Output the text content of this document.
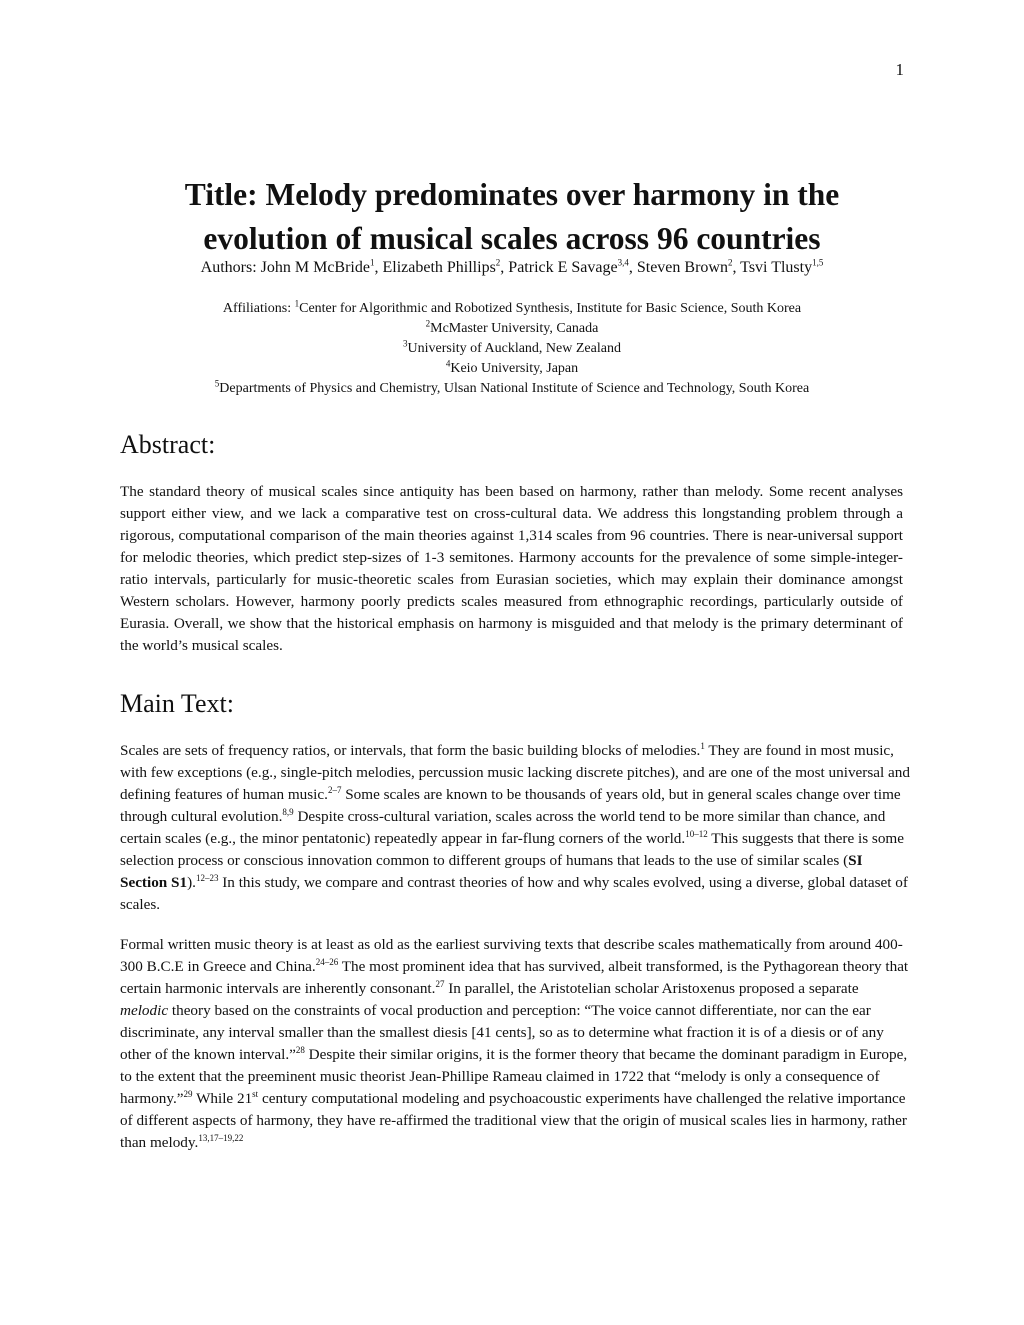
1
Title: Melody predominates over harmony in the
evolution of musical scales across 96 countries
Authors: John M McBride$^1$, Elizabeth Phillips$^2$, Patrick E Savage$^{3,4}$, Steven Brown$^2$, Tsvi Tlusty$^{1,5}$
Affiliations: $^1$Center for Algorithmic and Robotized Synthesis, Institute for Basic Science, South Korea
$^2$McMaster University, Canada
$^3$University of Auckland, New Zealand
$^4$Keio University, Japan
$^5$Departments of Physics and Chemistry, Ulsan National Institute of Science and Technology, South Korea
Abstract:

The standard theory of musical scales since antiquity has been based on harmony, rather than melody. Some recent analyses support either view, and we lack a comparative test on cross-cultural data. We address this longstanding problem through a rigorous, computational comparison of the main theories against 1,314 scales from 96 countries. There is near-universal support for melodic theories, which predict step-sizes of 1-3 semitones. Harmony accounts for the prevalence of some simple-integer-ratio intervals, particularly for music-theoretic scales from Eurasian societies, which may explain their dominance amongst Western scholars. However, harmony poorly predicts scales measured from ethnographic recordings, particularly outside of Eurasia. Overall, we show that the historical emphasis on harmony is misguided and that melody is the primary determinant of the world’s musical scales.

Main Text:

Scales are sets of frequency ratios, or intervals, that form the basic building blocks of melodies.$^1$ They are found in most music, with few exceptions (e.g., single-pitch melodies, percussion music lacking discrete pitches), and are one of the most universal and defining features of human music.$^{2-7}$ Some scales are known to be thousands of years old, but in general scales change over time through cultural evolution.$^{8,9}$ Despite cross-cultural variation, scales across the world tend to be more similar than chance, and certain scales (e.g., the minor pentatonic) repeatedly appear in far-flung corners of the world.$^{10-12}$ This suggests that there is some selection process or conscious innovation common to different groups of humans that leads to the use of similar scales (SI Section S1).$^{12-23}$ In this study, we compare and contrast theories of how and why scales evolved, using a diverse, global dataset of scales.

Formal written music theory is at least as old as the earliest surviving texts that describe scales mathematically from around 400-300 B.C.E in Greece and China.$^{24-26}$ The most prominent idea that has survived, albeit transformed, is the Pythagorean theory that certain harmonic intervals are inherently consonant.$^{27}$ In parallel, the Aristotelian scholar Aristoxenus proposed a separate melodic theory based on the constraints of vocal production and perception: “The voice cannot differentiate, nor can the ear discriminate, any interval smaller than the smallest diesis [41 cents], so as to determine what fraction it is of a diesis or of any other of the known interval.”$^{28}$ Despite their similar origins, it is the former theory that became the dominant paradigm in Europe, to the extent that the preeminent music theorist Jean-Phillipe Rameau claimed in 1722 that “melody is only a consequence of harmony.”$^{29}$ While 21st century computational modeling and psychoacoustic experiments have challenged the relative importance of different aspects of harmony, they have re-affirmed the traditional view that the origin of musical scales lies in harmony, rather than melody.$^{13,17-19,22}$
